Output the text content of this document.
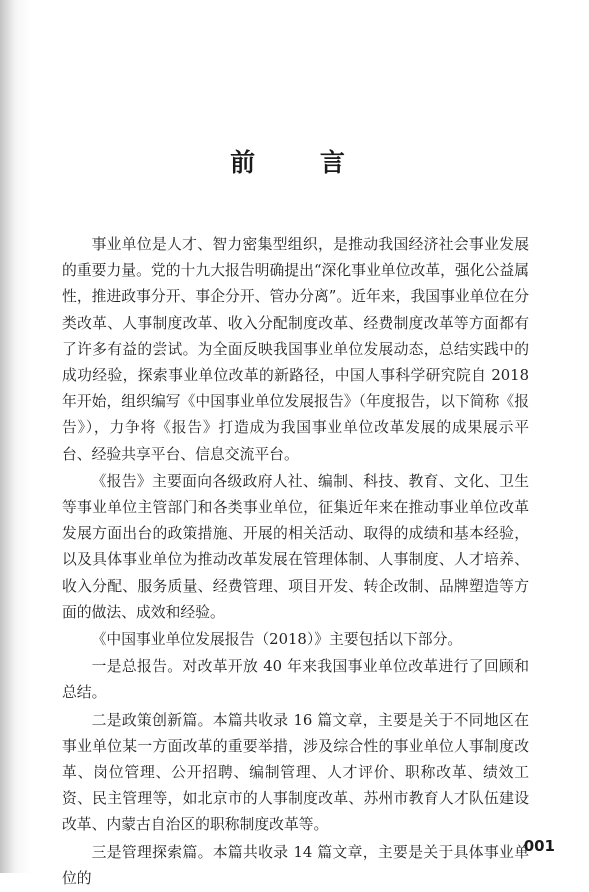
前 言

事业单位是人才、智力密集型组织，是推动我国经济社会事业发展的重要力量。党的十九大报告明确提出“深化事业单位改革，强化公益属性，推进政事分开、事企分开、管办分离”。近年来，我国事业单位在分类改革、人事制度改革、收入分配制度改革、经费制度改革等方面都有了许多有益的尝试。为全面反映我国事业单位发展动态，总结实践中的成功经验，探索事业单位改革的新路径，中国人事科学研究院自 2018 年开始，组织编写《中国事业单位发展报告》（年度报告，以下简称《报告》），力争将《报告》打造成为我国事业单位改革发展的成果展示平台、经验共享平台、信息交流平台。

《报告》主要面向各级政府人社、编制、科技、教育、文化、卫生等事业单位主管部门和各类事业单位，征集近年来在推动事业单位改革发展方面出台的政策措施、开展的相关活动、取得的成绩和基本经验，以及具体事业单位为推动改革发展在管理体制、人事制度、人才培养、收入分配、服务质量、经费管理、项目开发、转企改制、品牌塑造等方面的做法、成效和经验。

《中国事业单位发展报告（2018）》主要包括以下部分。

一是总报告。对改革开放 40 年来我国事业单位改革进行了回顾和总结。

二是政策创新篇。本篇共收录 16 篇文章，主要是关于不同地区在事业单位某一方面改革的重要举措，涉及综合性的事业单位人事制度改革、岗位管理、公开招聘、编制管理、人才评价、职称改革、绩效工资、民主管理等，如北京市的人事制度改革、苏州市教育人才队伍建设改革、内蒙古自治区的职称制度改革等。

三是管理探索篇。本篇共收录 14 篇文章，主要是关于具体事业单位的

001
